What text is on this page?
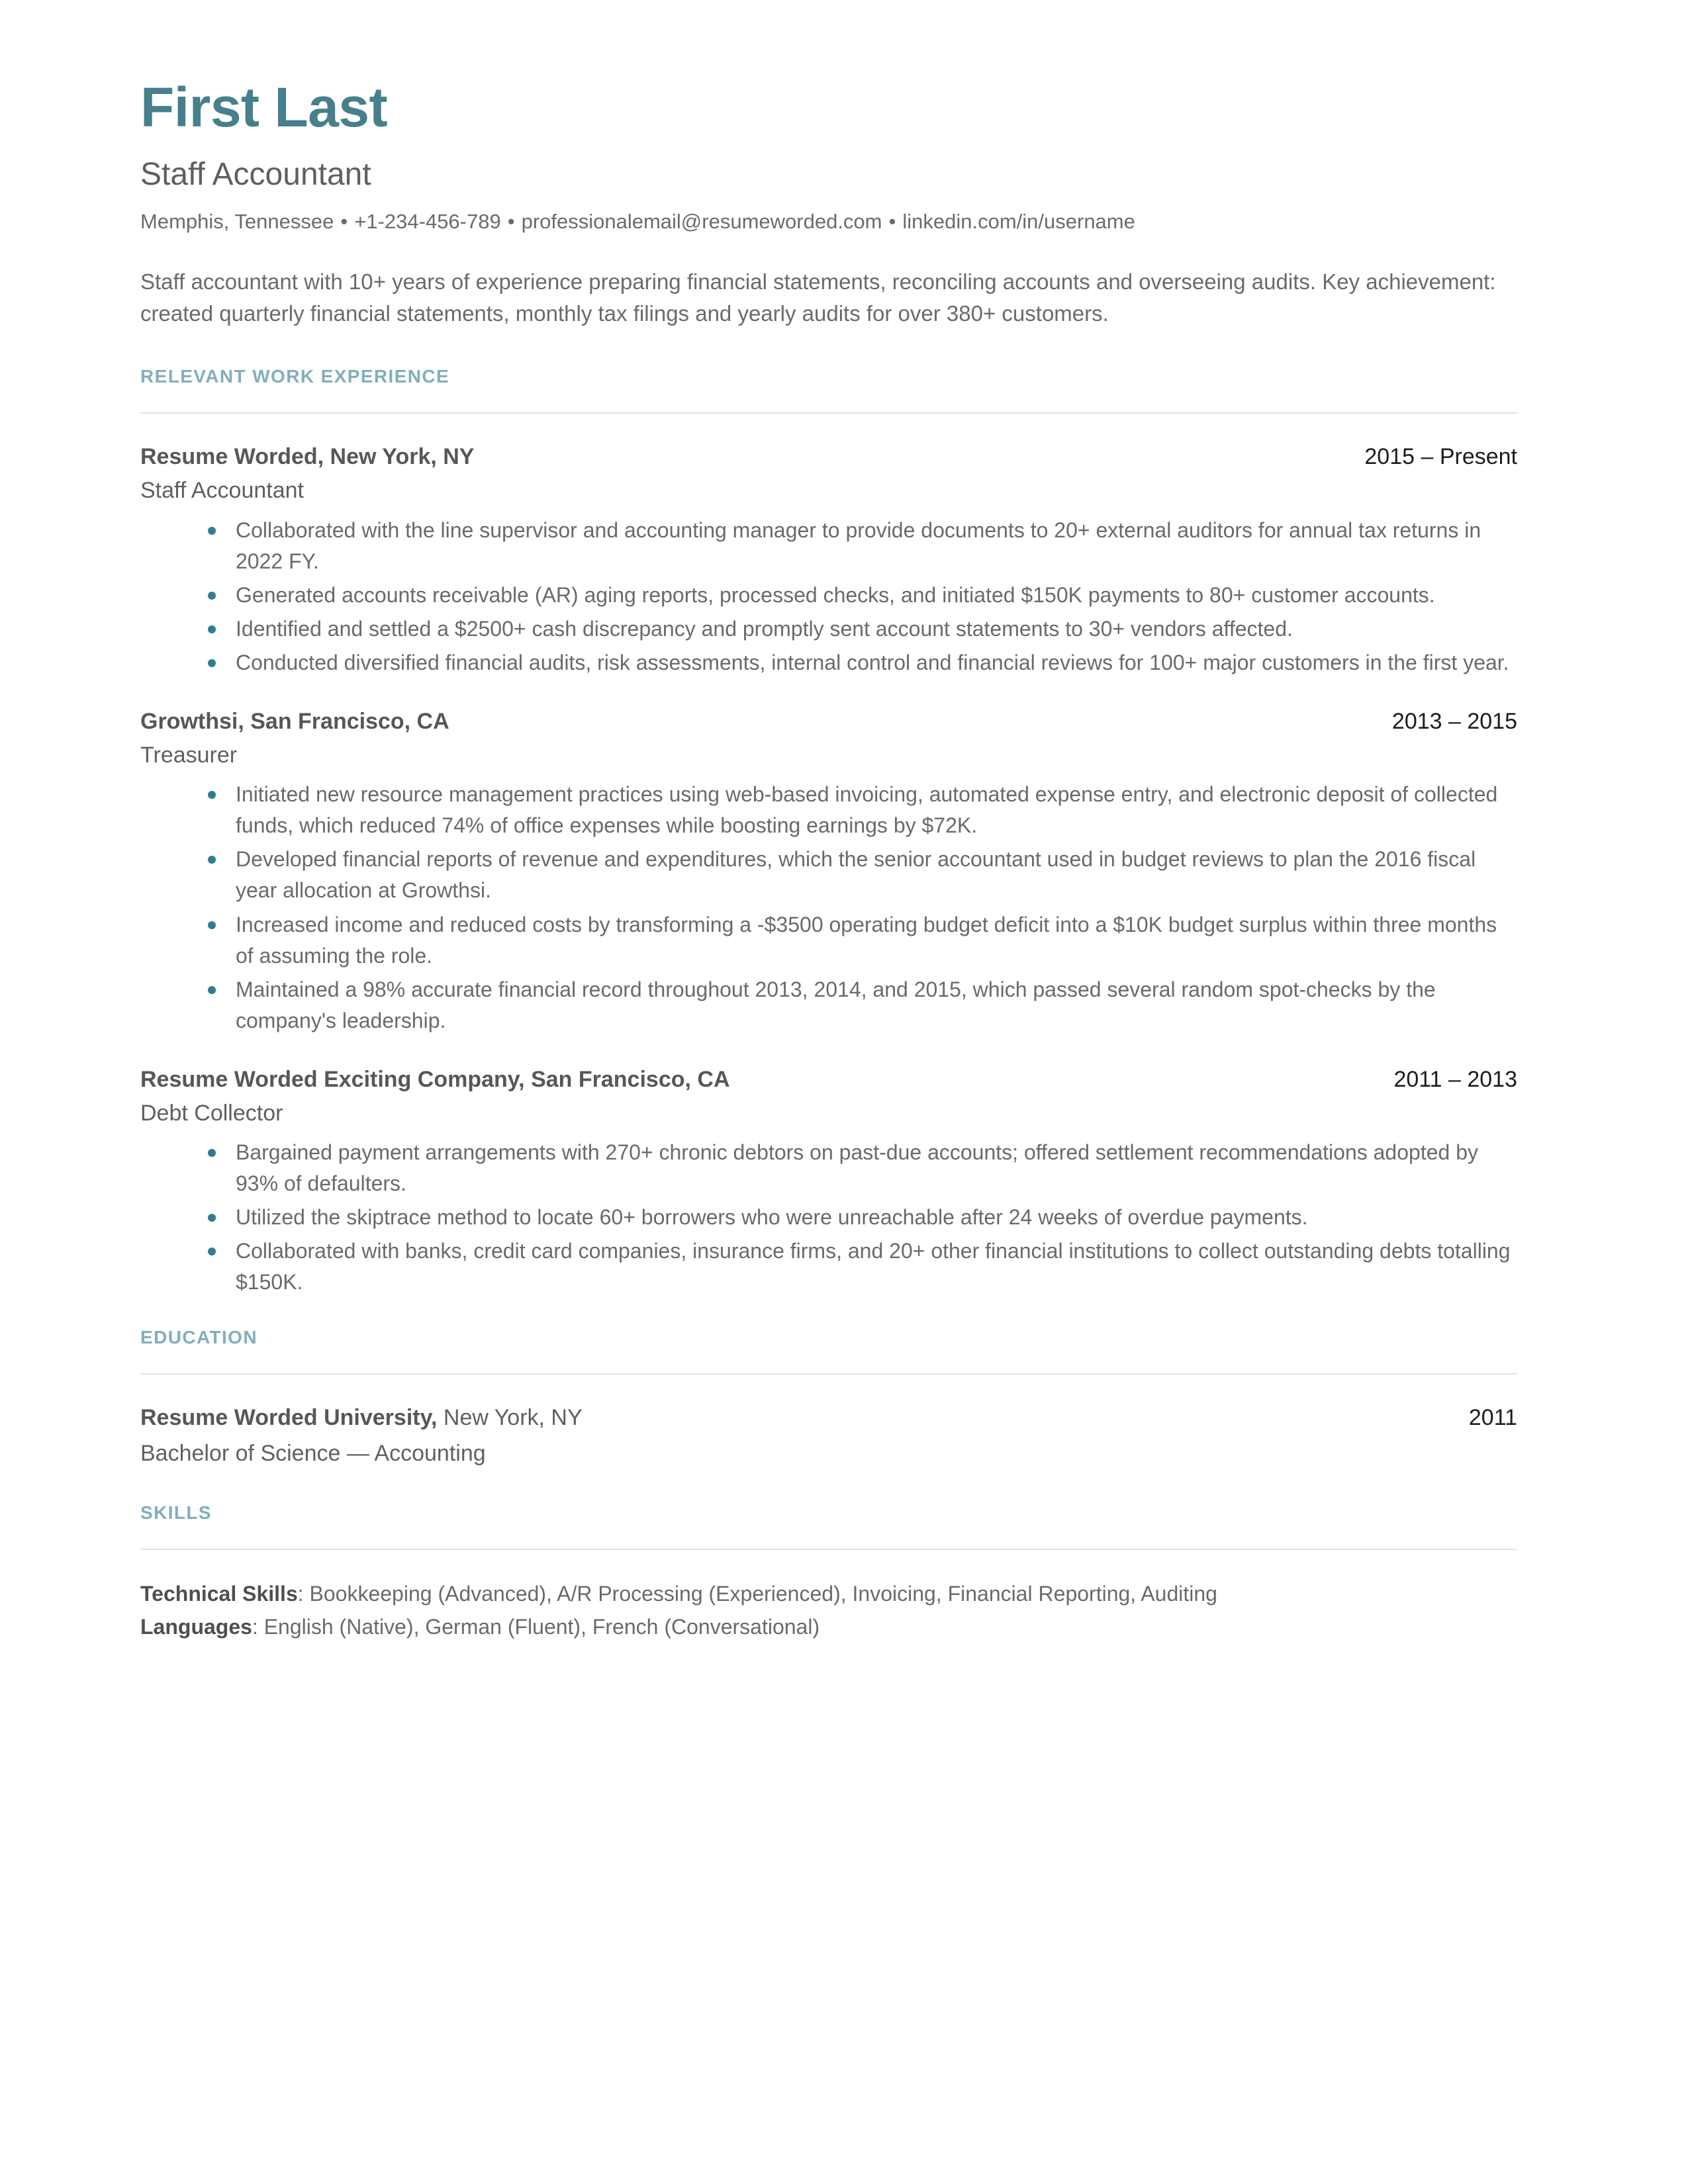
First Last
Staff Accountant
Memphis, Tennessee • +1-234-456-789 • professionalemail@resumeworded.com • linkedin.com/in/username

Staff accountant with 10+ years of experience preparing financial statements, reconciling accounts and overseeing audits. Key achievement: created quarterly financial statements, monthly tax filings and yearly audits for over 380+ customers.

RELEVANT WORK EXPERIENCE
Resume Worded, New York, NY	2015 – Present
Staff Accountant
Collaborated with the line supervisor and accounting manager to provide documents to 20+ external auditors for annual tax returns in 2022 FY.
Generated accounts receivable (AR) aging reports, processed checks, and initiated $150K payments to 80+ customer accounts.
Identified and settled a $2500+ cash discrepancy and promptly sent account statements to 30+ vendors affected.
Conducted diversified financial audits, risk assessments, internal control and financial reviews for 100+ major customers in the first year.
Growthsi, San Francisco, CA	2013 – 2015
Treasurer
Initiated new resource management practices using web-based invoicing, automated expense entry, and electronic deposit of collected funds, which reduced 74% of office expenses while boosting earnings by $72K.
Developed financial reports of revenue and expenditures, which the senior accountant used in budget reviews to plan the 2016 fiscal year allocation at Growthsi.
Increased income and reduced costs by transforming a -$3500 operating budget deficit into a $10K budget surplus within three months of assuming the role.
Maintained a 98% accurate financial record throughout 2013, 2014, and 2015, which passed several random spot-checks by the company's leadership.
Resume Worded Exciting Company, San Francisco, CA	2011 – 2013
Debt Collector
Bargained payment arrangements with 270+ chronic debtors on past-due accounts; offered settlement recommendations adopted by 93% of defaulters.
Utilized the skiptrace method to locate 60+ borrowers who were unreachable after 24 weeks of overdue payments.
Collaborated with banks, credit card companies, insurance firms, and 20+ other financial institutions to collect outstanding debts totalling $150K.
EDUCATION
Resume Worded University, New York, NY	2011
Bachelor of Science — Accounting
SKILLS
Technical Skills: Bookkeeping (Advanced), A/R Processing (Experienced), Invoicing, Financial Reporting, Auditing
Languages: English (Native), German (Fluent), French (Conversational)
